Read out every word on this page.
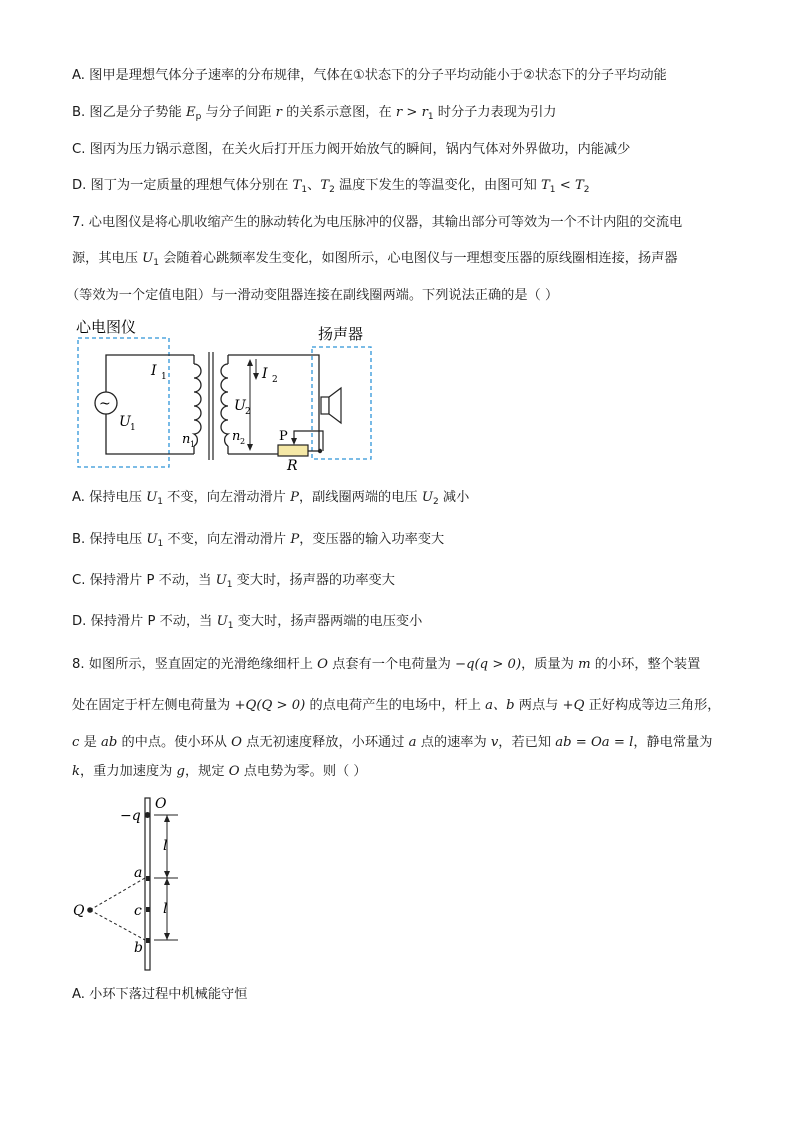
A. 图甲是理想气体分子速率的分布规律，气体在①状态下的分子平均动能小于②状态下的分子平均动能
B. 图乙是分子势能 $E_p$ 与分子间距 r 的关系示意图，在 $r > r_1$ 时分子力表现为引力
C. 图丙为压力锅示意图，在关火后打开压力阀开始放气的瞬间，锅内气体对外界做功，内能减少
D. 图丁为一定质量的理想气体分别在 $T_1$、$T_2$ 温度下发生的等温变化，由图可知 $T_1 < T_2$
7. 心电图仪是将心肌收缩产生的脉动转化为电压脉冲的仪器，其输出部分可等效为一个不计内阻的交流电
源，其电压 $U_1$ 会随着心跳频率发生变化，如图所示，心电图仪与一理想变压器的原线圈相连接，扬声器
（等效为一个定值电阻）与一滑动变阻器连接在副线圈两端。下列说法正确的是（ ）
心电图仪	扬声器
~
I 1
U 1
n 1
I 2
U 2
n 2	P
R
A. 保持电压 $U_1$ 不变，向左滑动滑片 P，副线圈两端的电压 $U_2$ 减小
B. 保持电压 $U_1$ 不变，向左滑动滑片 P，变压器的输入功率变大
C. 保持滑片 P 不动，当 $U_1$ 变大时，扬声器的功率变大
D. 保持滑片 P 不动，当 $U_1$ 变大时，扬声器两端的电压变小
8. 如图所示，竖直固定的光滑绝缘细杆上 O 点套有一个电荷量为 −q(q > 0)，质量为 m 的小环，整个装置
处在固定于杆左侧电荷量为 +Q(Q > 0) 的点电荷产生的电场中，杆上 a、b 两点与 +Q 正好构成等边三角形，
c 是 ab 的中点。使小环从 O 点无初速度释放，小环通过 a 点的速率为 v，若已知 ab = Oa = l，静电常量为
k，重力加速度为 g，规定 O 点电势为零。则（ ）
O
−q
l
l
a
c
b
Q
A. 小环下落过程中机械能守恒
